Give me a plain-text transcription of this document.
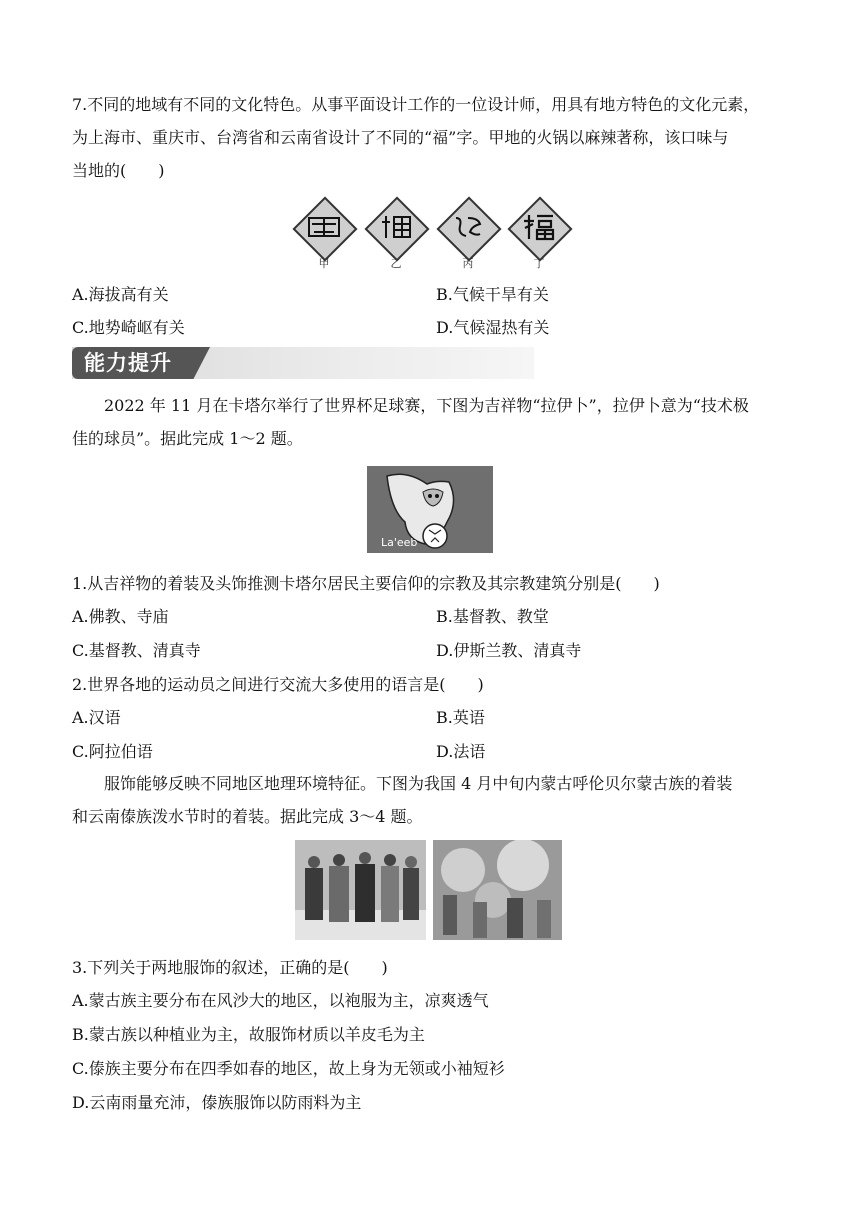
7.不同的地域有不同的文化特色。从事平面设计工作的一位设计师，用具有地方特色的文化元素，
为上海市、重庆市、台湾省和云南省设计了不同的“福”字。甲地的火锅以麻辣著称，该口味与
当地的(　　)
甲	乙	丙	丁
A.海拔高有关	B.气候干旱有关
C.地势崎岖有关	D.气候湿热有关
能力提升
2022 年 11 月在卡塔尔举行了世界杯足球赛，下图为吉祥物“拉伊卜”，拉伊卜意为“技术极
佳的球员”。据此完成 1～2 题。
La'eeb
1.从吉祥物的着装及头饰推测卡塔尔居民主要信仰的宗教及其宗教建筑分别是(　　)
A.佛教、寺庙	B.基督教、教堂
C.基督教、清真寺	D.伊斯兰教、清真寺
2.世界各地的运动员之间进行交流大多使用的语言是(　　)
A.汉语	B.英语
C.阿拉伯语	D.法语
服饰能够反映不同地区地理环境特征。下图为我国 4 月中旬内蒙古呼伦贝尔蒙古族的着装
和云南傣族泼水节时的着装。据此完成 3～4 题。
3.下列关于两地服饰的叙述，正确的是(　　)
A.蒙古族主要分布在风沙大的地区，以袍服为主，凉爽透气
B.蒙古族以种植业为主，故服饰材质以羊皮毛为主
C.傣族主要分布在四季如春的地区，故上身为无领或小袖短衫
D.云南雨量充沛，傣族服饰以防雨料为主
